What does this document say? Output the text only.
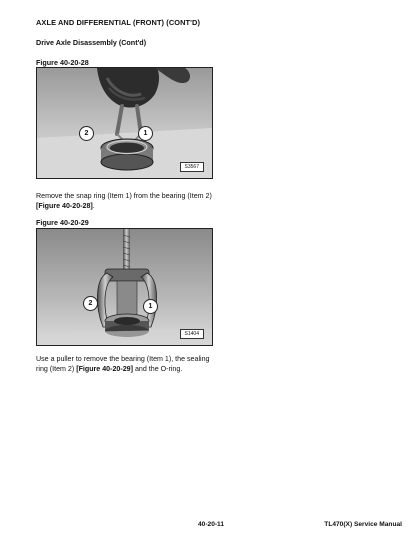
AXLE AND DIFFERENTIAL (FRONT) (CONT'D)
Drive Axle Disassembly (Cont'd)
Figure 40-20-28
2	1
S3567
Remove the snap ring (Item 1) from the bearing (Item 2) [Figure 40-20-28].
Figure 40-20-29
2	1
S1404
Use a puller to remove the bearing (Item 1), the sealing ring (Item 2) [Figure 40-20-29] and the O-ring.
40-20-11	TL470(X) Service Manual
